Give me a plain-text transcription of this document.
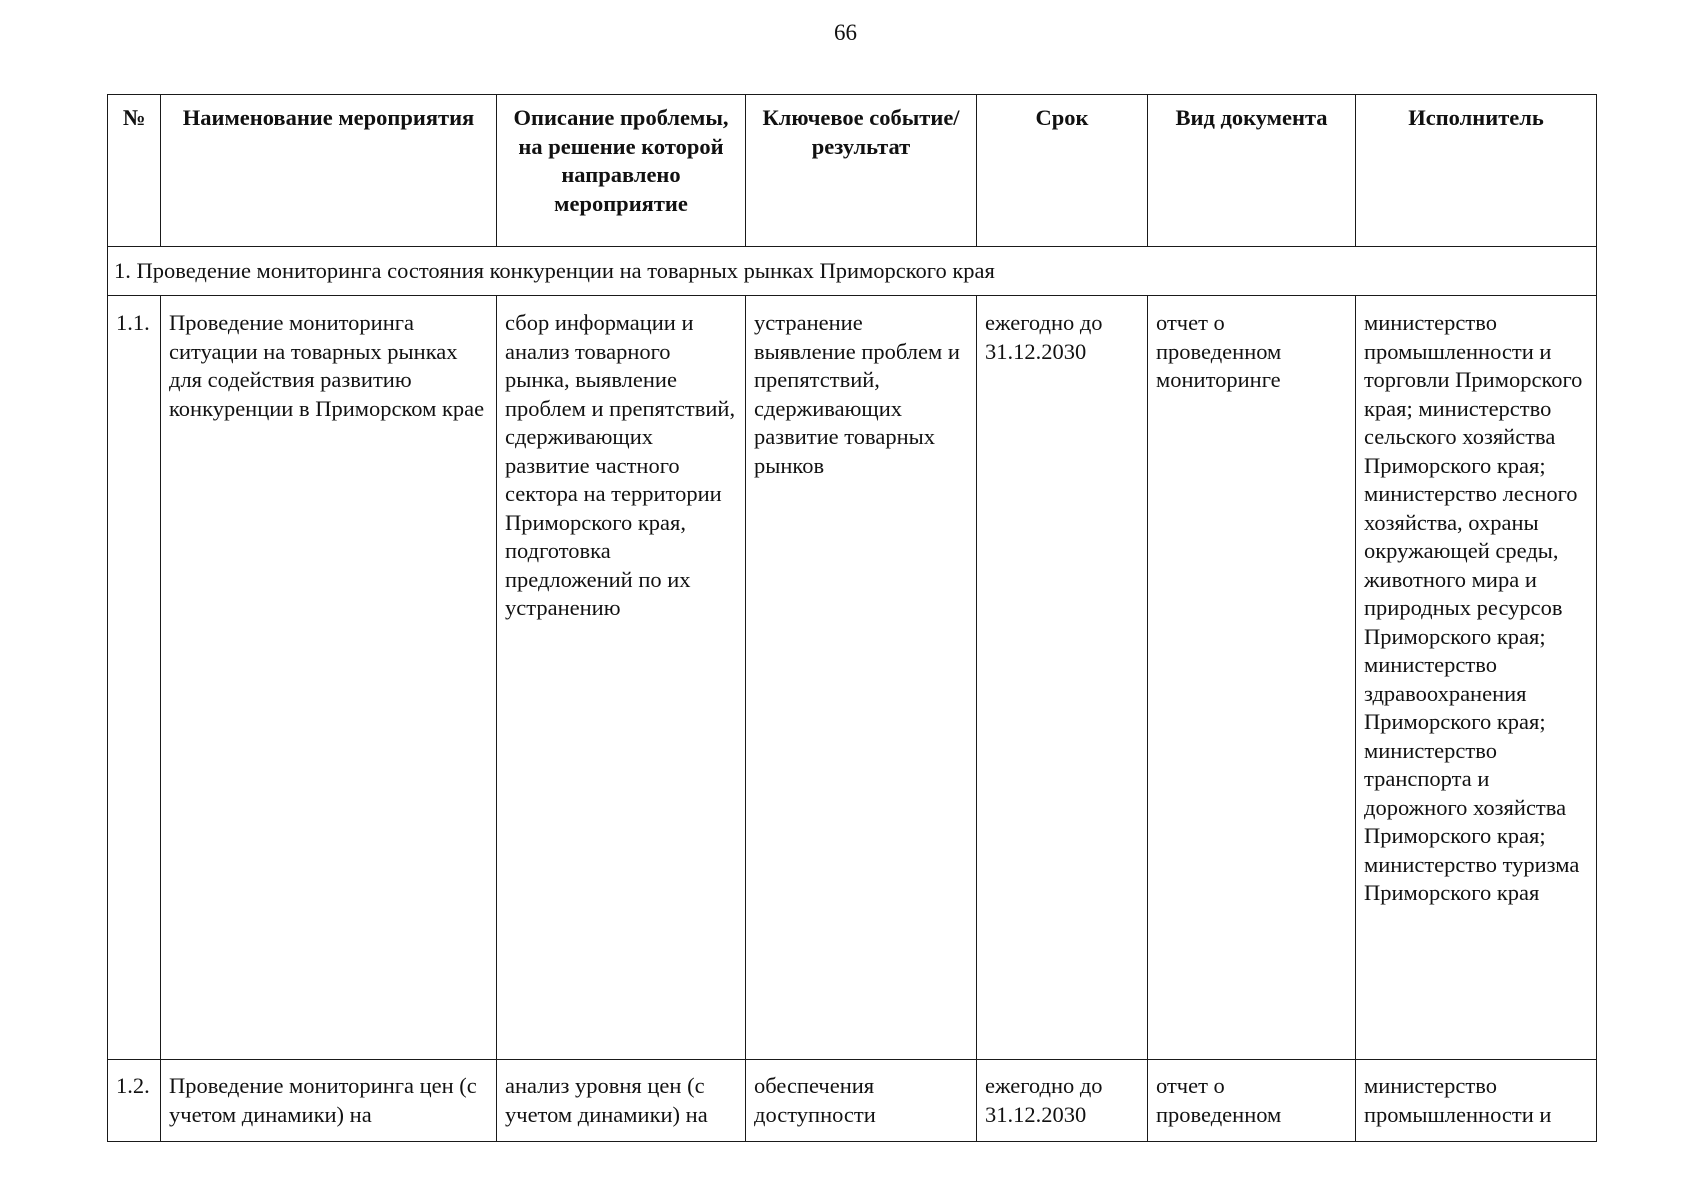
66
№	Наименование мероприятия	Описание проблемы, на решение которой направлено мероприятие	Ключевое событие/результат	Срок	Вид документа	Исполнитель
1. Проведение мониторинга состояния конкуренции на товарных рынках Приморского края						
1.1.	Проведение мониторинга ситуации на товарных рынках для содействия развитию конкуренции в Приморском крае	сбор информации и анализ товарного рынка, выявление проблем и препятствий, сдерживающих развитие частного сектора на территории Приморского края, подготовка предложений по их устранению	устранение выявление проблем и препятствий, сдерживающих развитие товарных рынков	ежегодно до 31.12.2030	отчет о проведенном мониторинге	министерство промышленности и торговли Приморского края; министерство сельского хозяйства Приморского края; министерство лесного хозяйства, охраны окружающей среды, животного мира и природных ресурсов Приморского края; министерство здравоохранения Приморского края; министерство транспорта и дорожного хозяйства Приморского края; министерство туризма Приморского края
1.2.	Проведение мониторинга цен (с учетом динамики) на	анализ уровня цен (с учетом динамики) на	обеспечения доступности	ежегодно до 31.12.2030	отчет о проведенном	министерство промышленности и
